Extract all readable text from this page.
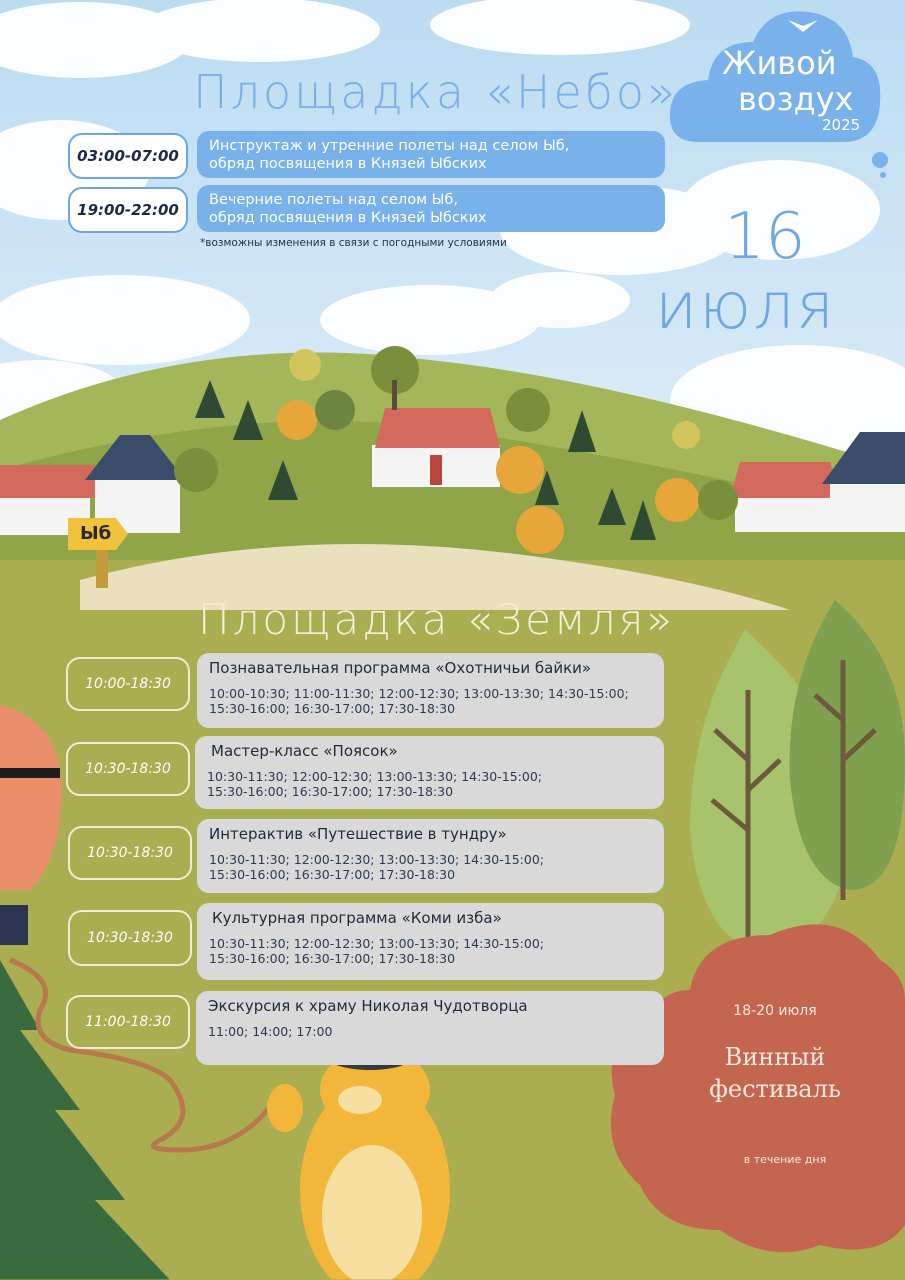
Живой
воздух
2025
Площадка «Небо»
03:00-07:00
Инструктаж и утренние полеты над селом Ыб,
обряд посвящения в Князей Ыбских
19:00-22:00
Вечерние полеты над селом Ыб,
обряд посвящения в Князей Ыбских
*возможны изменения в связи с погодными условиями	16
июля
Ыб
Площадка «Земля»
10:00-18:30
Познавательная программа «Охотничьи байки»
10:00-10:30; 11:00-11:30; 12:00-12:30; 13:00-13:30; 14:30-15:00;
15:30-16:00; 16:30-17:00; 17:30-18:30
10:30-18:30
Мастер-класс «Поясок»
10:30-11:30; 12:00-12:30; 13:00-13:30; 14:30-15:00;
15:30-16:00; 16:30-17:00; 17:30-18:30
10:30-18:30
Интерактив «Путешествие в тундру»
10:30-11:30; 12:00-12:30; 13:00-13:30; 14:30-15:00;
15:30-16:00; 16:30-17:00; 17:30-18:30
10:30-18:30
Культурная программа «Коми изба»
10:30-11:30; 12:00-12:30; 13:00-13:30; 14:30-15:00;
15:30-16:00; 16:30-17:00; 17:30-18:30
11:00-18:30
Экскурсия к храму Николая Чудотворца
11:00; 14:00; 17:00
18-20 июля
Винный
фестиваль
в течение дня
